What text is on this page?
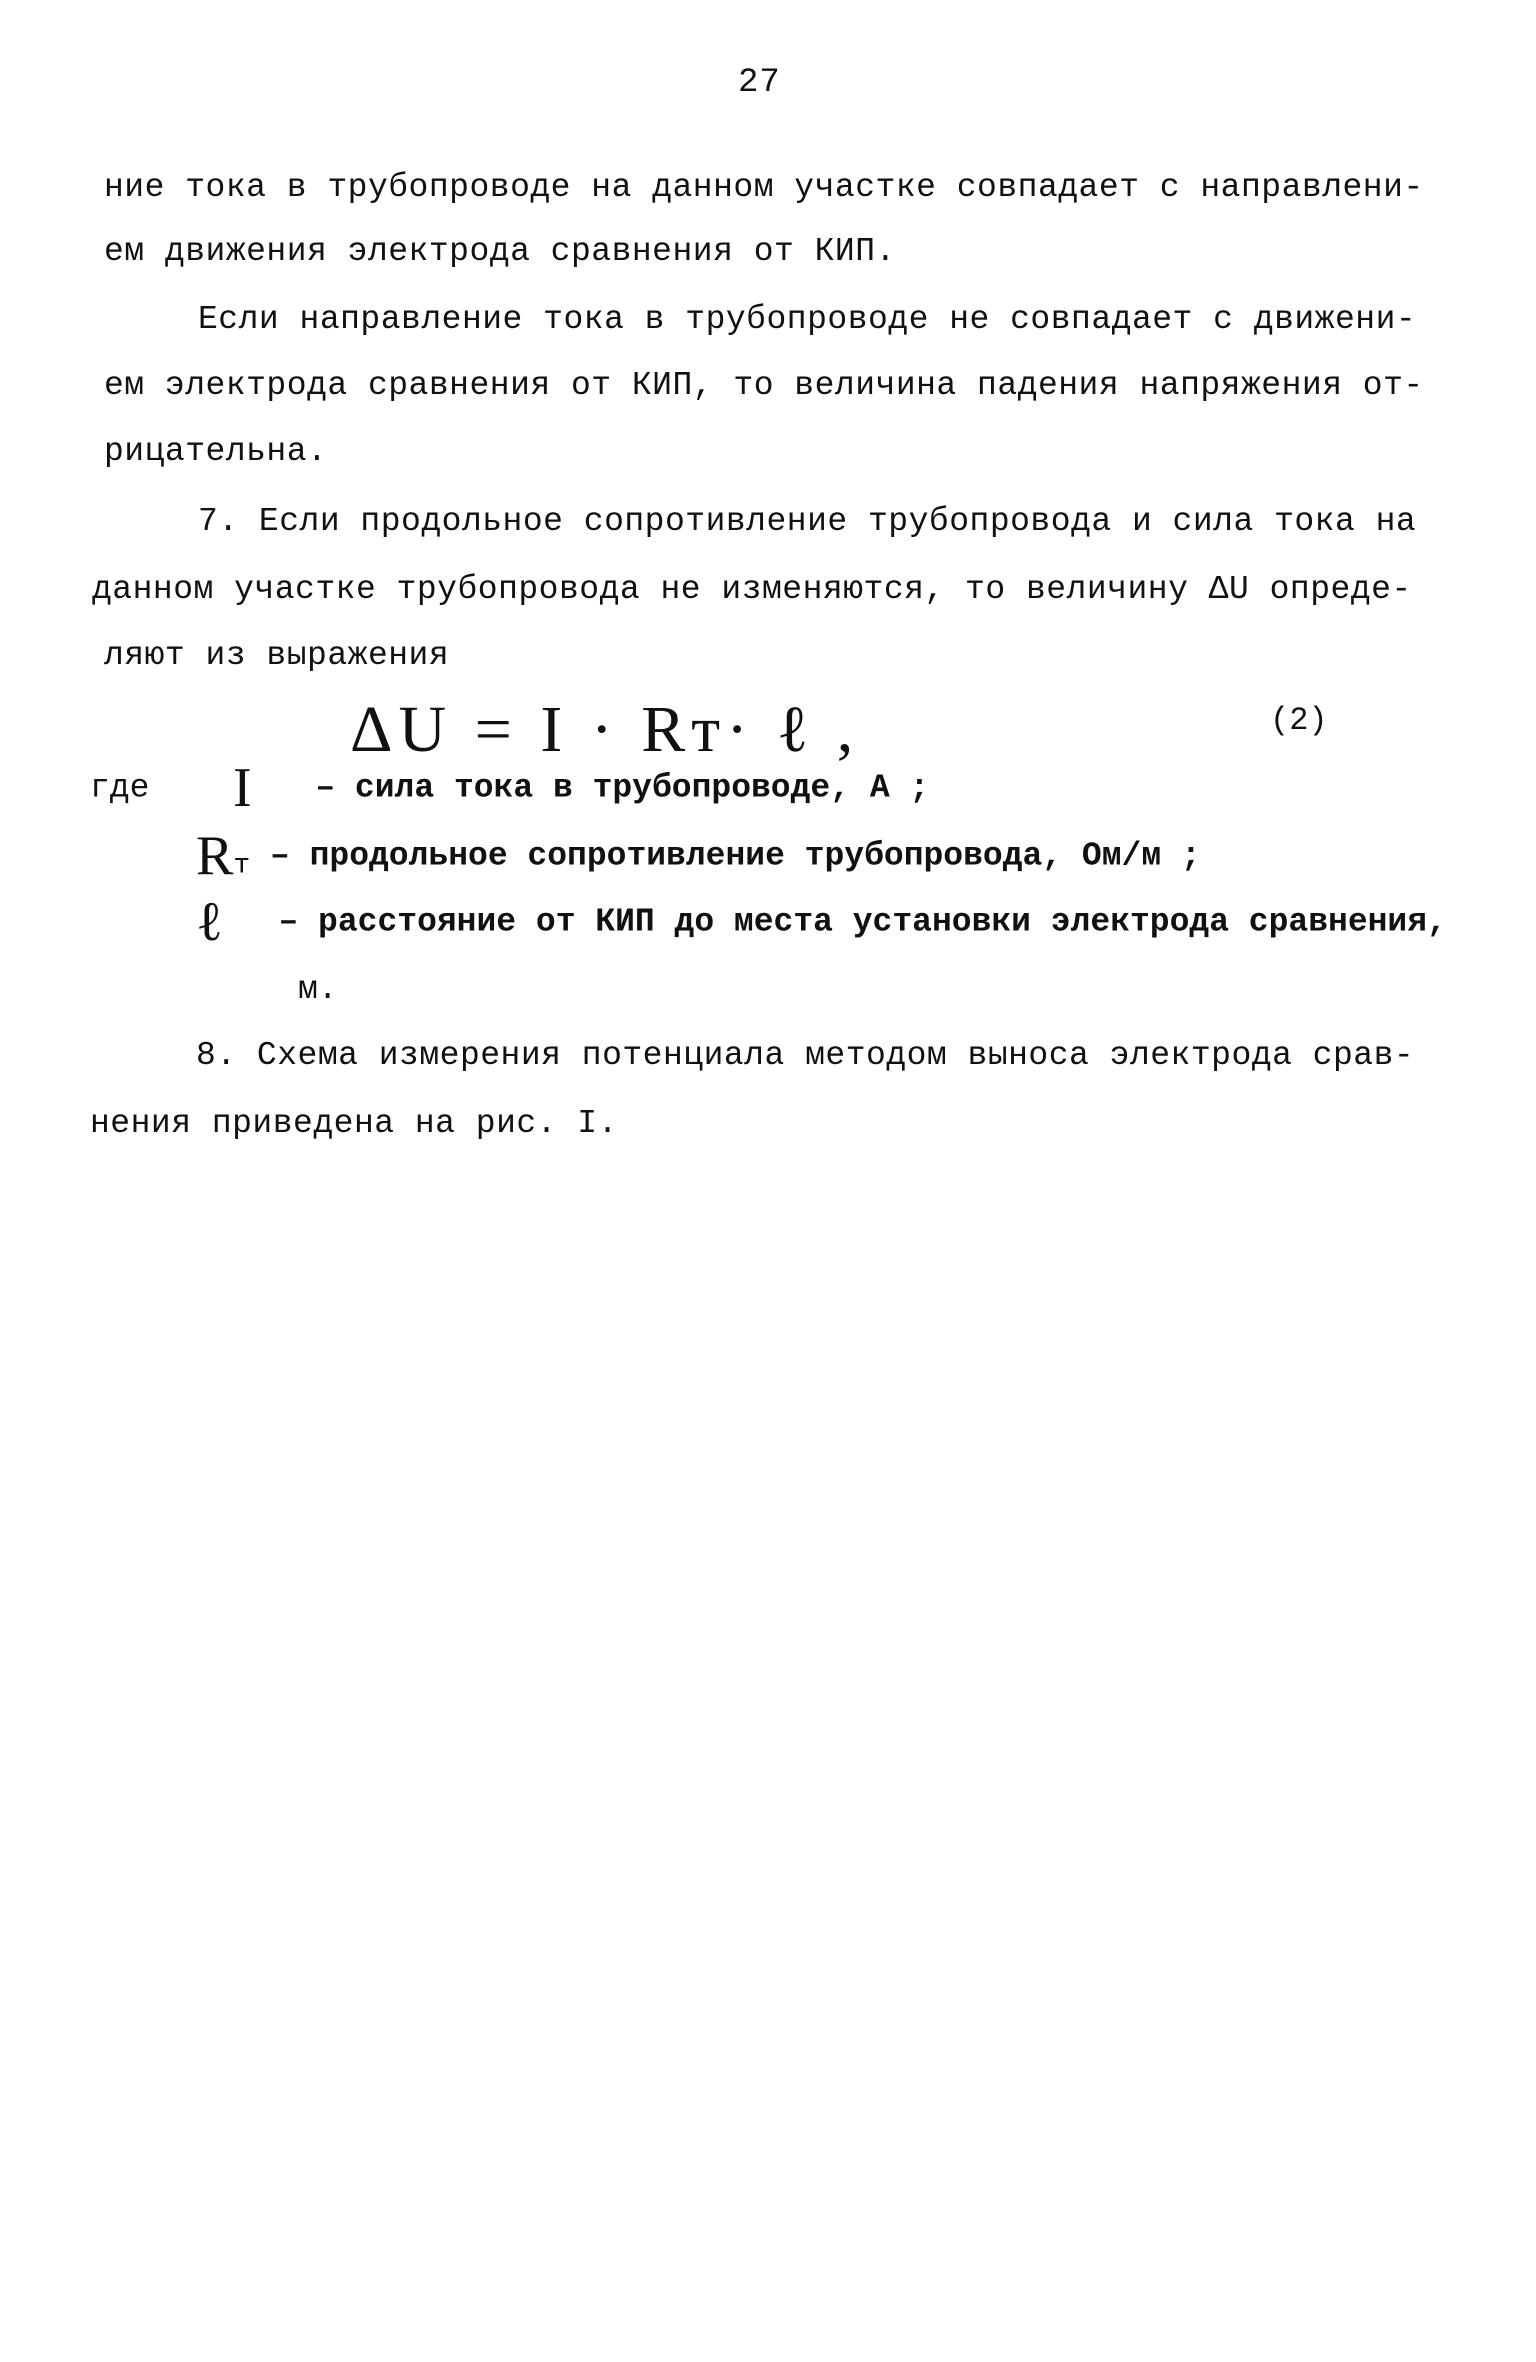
27
ние тока в трубопроводе на данном участке совпадает с направлени-
ем движения электрода сравнения от КИП.
Если направление тока в трубопроводе не совпадает с движени-
ем электрода сравнения от КИП, то величина падения напряжения от-
рицательна.
7. Если продольное сопротивление трубопровода и сила тока на
данном участке трубопровода не изменяются, то величину ΔU опреде-
ляют из выражения
ΔU = I · Rт· ℓ ,	(2)
где I – сила тока в трубопроводе, А ;
$R_т$ – продольное сопротивление трубопровода, Ом/м ;
ℓ – расстояние от КИП до места установки электрода сравнения,
м.
8. Схема измерения потенциала методом выноса электрода срав-
нения приведена на рис. I.
